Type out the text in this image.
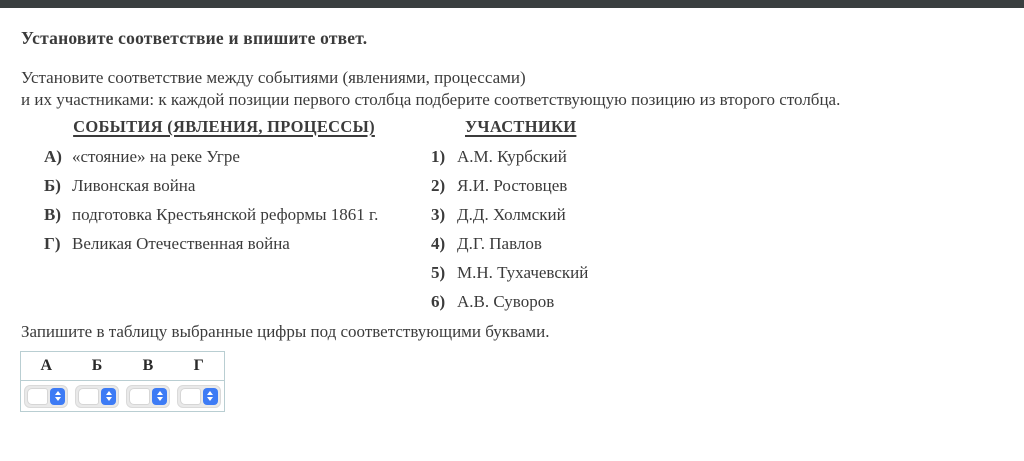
Установите соответствие и впишите ответ.

Установите соответствие между событиями (явлениями, процессами)
и их участниками: к каждой позиции первого столбца подберите соответствующую позицию из второго столбца.

СОБЫТИЯ (ЯВЛЕНИЯ, ПРОЦЕССЫ)
А) «стояние» на реке Угре
Б) Ливонская война
В) подготовка Крестьянской реформы 1861 г.
Г) Великая Отечественная война
УЧАСТНИКИ
1) А.М. Курбский
2) Я.И. Ростовцев
3) Д.Д. Холмский
4) Д.Г. Павлов
5) М.Н. Тухачевский
6) А.В. Суворов

Запишите в таблицу выбранные цифры под соответствующими буквами.

А	Б	В	Г
